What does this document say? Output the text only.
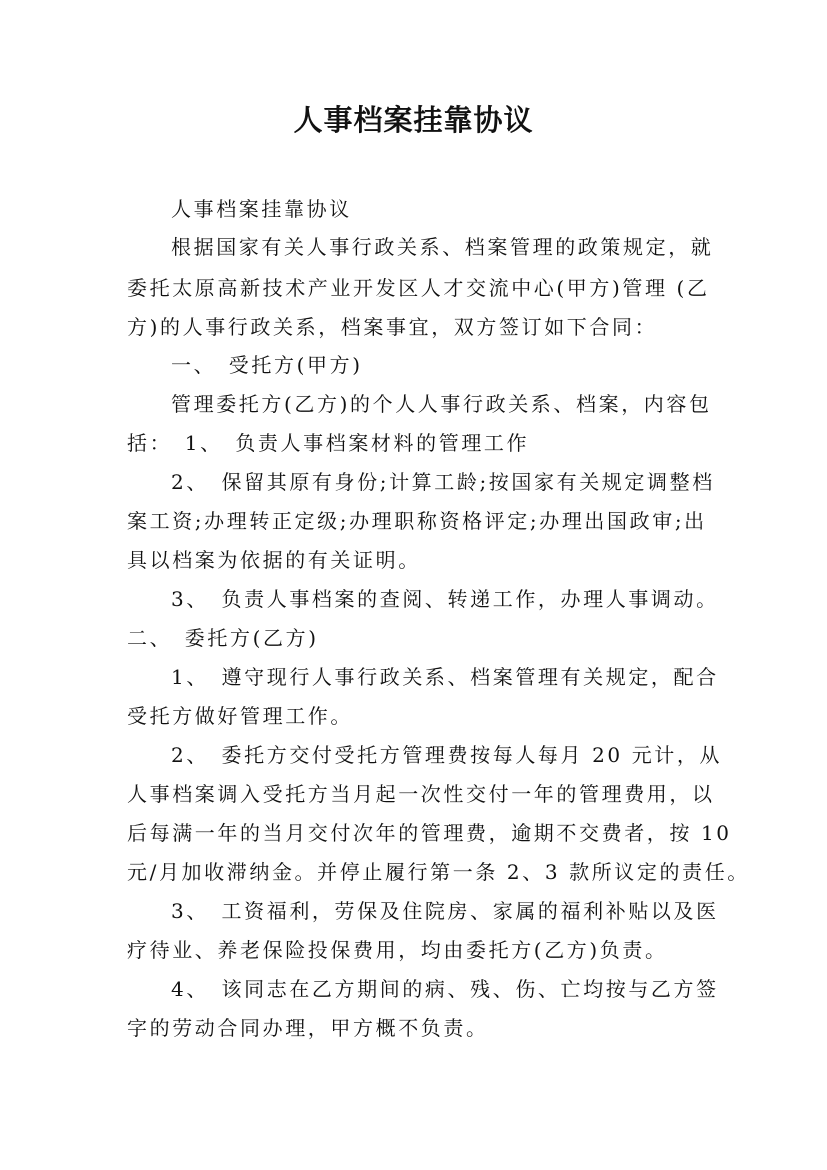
人事档案挂靠协议
人事档案挂靠协议
根据国家有关人事行政关系、档案管理的政策规定，就
委托太原高新技术产业开发区人才交流中心(甲方)管理 (乙
方)的人事行政关系，档案事宜，双方签订如下合同：
一、　受托方(甲方)
管理委托方(乙方)的个人人事行政关系、档案，内容包
括：　1、　负责人事档案材料的管理工作
2、　保留其原有身份;计算工龄;按国家有关规定调整档
案工资;办理转正定级;办理职称资格评定;办理出国政审;出
具以档案为依据的有关证明。
3、　负责人事档案的查阅、转递工作，办理人事调动。
二、　委托方(乙方)
1、　遵守现行人事行政关系、档案管理有关规定，配合
受托方做好管理工作。
2、　委托方交付受托方管理费按每人每月 20 元计，从
人事档案调入受托方当月起一次性交付一年的管理费用，以
后每满一年的当月交付次年的管理费，逾期不交费者，按 10
元/月加收滞纳金。并停止履行第一条 2、3 款所议定的责任。
3、　工资福利，劳保及住院房、家属的福利补贴以及医
疗待业、养老保险投保费用，均由委托方(乙方)负责。
4、　该同志在乙方期间的病、残、伤、亡均按与乙方签
字的劳动合同办理，甲方概不负责。
